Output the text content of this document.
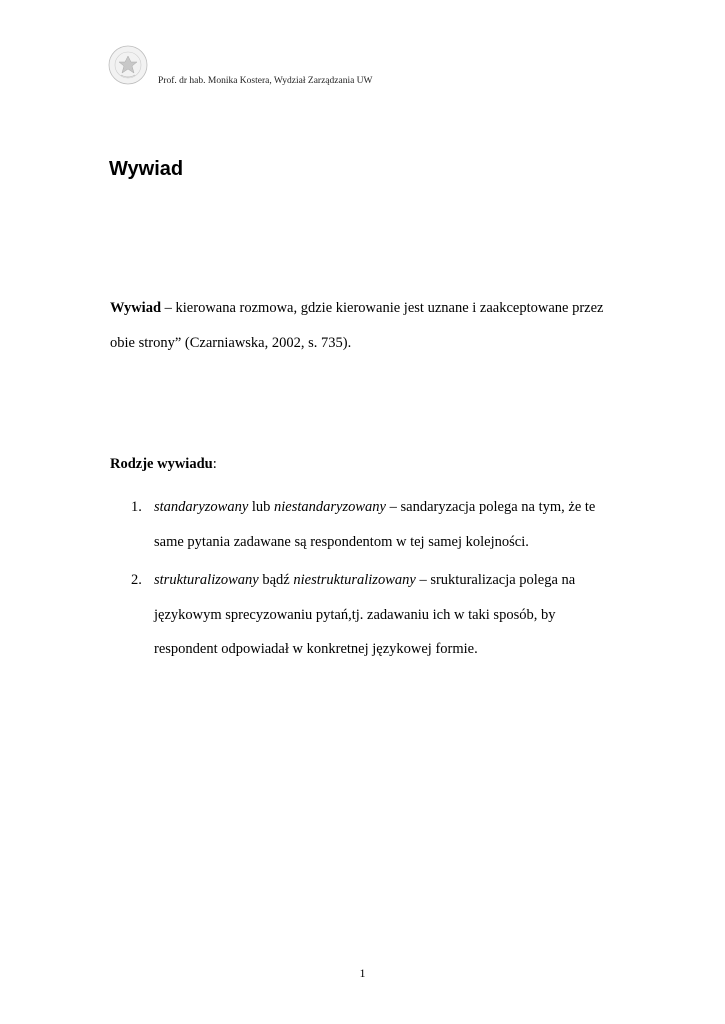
Prof. dr hab. Monika Kostera, Wydział Zarządzania UW
Wywiad
Wywiad – kierowana rozmowa, gdzie kierowanie jest uznane i zaakceptowane przez
obie strony” (Czarniawska, 2002, s. 735).
Rodzje wywiadu:
1. standaryzowany lub niestandaryzowany – sandaryzacja polega na tym, że te
same pytania zadawane są respondentom w tej samej kolejności.
2. strukturalizowany bądź niestrukturalizowany – srukturalizacja polega na
językowym sprecyzowaniu pytań,tj. zadawaniu ich w taki sposób, by
respondent odpowiadał w konkretnej językowej formie.
1
